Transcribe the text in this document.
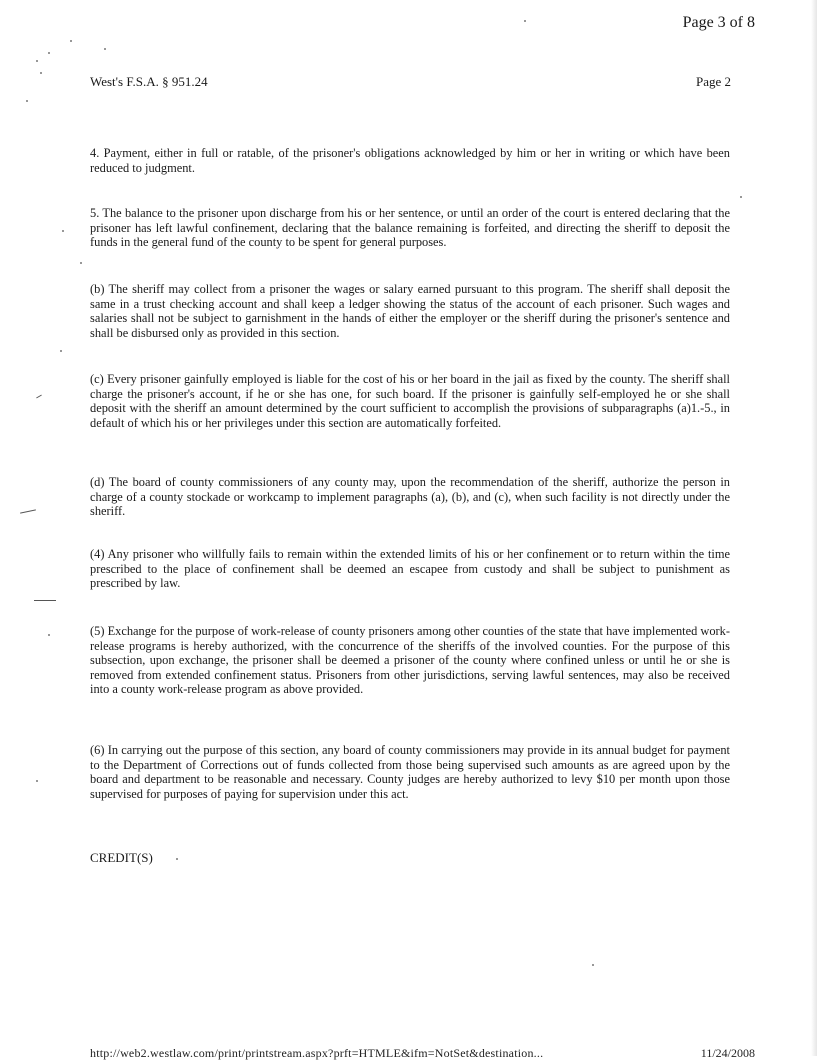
Page 3 of 8
West's F.S.A. § 951.24	Page 2

4. Payment, either in full or ratable, of the prisoner's obligations acknowledged by him or her in writing or which have been reduced to judgment.

5. The balance to the prisoner upon discharge from his or her sentence, or until an order of the court is entered declaring that the prisoner has left lawful confinement, declaring that the balance remaining is forfeited, and directing the sheriff to deposit the funds in the general fund of the county to be spent for general purposes.

(b) The sheriff may collect from a prisoner the wages or salary earned pursuant to this program. The sheriff shall deposit the same in a trust checking account and shall keep a ledger showing the status of the account of each prisoner. Such wages and salaries shall not be subject to garnishment in the hands of either the employer or the sheriff during the prisoner's sentence and shall be disbursed only as provided in this section.

(c) Every prisoner gainfully employed is liable for the cost of his or her board in the jail as fixed by the county. The sheriff shall charge the prisoner's account, if he or she has one, for such board. If the prisoner is gainfully self-employed he or she shall deposit with the sheriff an amount determined by the court sufficient to accomplish the provisions of subparagraphs (a)1.-5., in default of which his or her privileges under this section are automatically forfeited.

(d) The board of county commissioners of any county may, upon the recommendation of the sheriff, authorize the person in charge of a county stockade or workcamp to implement paragraphs (a), (b), and (c), when such facility is not directly under the sheriff.

(4) Any prisoner who willfully fails to remain within the extended limits of his or her confinement or to return within the time prescribed to the place of confinement shall be deemed an escapee from custody and shall be subject to punishment as prescribed by law.

(5) Exchange for the purpose of work-release of county prisoners among other counties of the state that have implemented work-release programs is hereby authorized, with the concurrence of the sheriffs of the involved counties. For the purpose of this subsection, upon exchange, the prisoner shall be deemed a prisoner of the county where confined unless or until he or she is removed from extended confinement status. Prisoners from other jurisdictions, serving lawful sentences, may also be received into a county work-release program as above provided.

(6) In carrying out the purpose of this section, any board of county commissioners may provide in its annual budget for payment to the Department of Corrections out of funds collected from those being supervised such amounts as are agreed upon by the board and department to be reasonable and necessary. County judges are hereby authorized to levy $10 per month upon those supervised for purposes of paying for supervision under this act.

CREDIT(S)
http://web2.westlaw.com/print/printstream.aspx?prft=HTMLE&ifm=NotSet&destination...	11/24/2008
